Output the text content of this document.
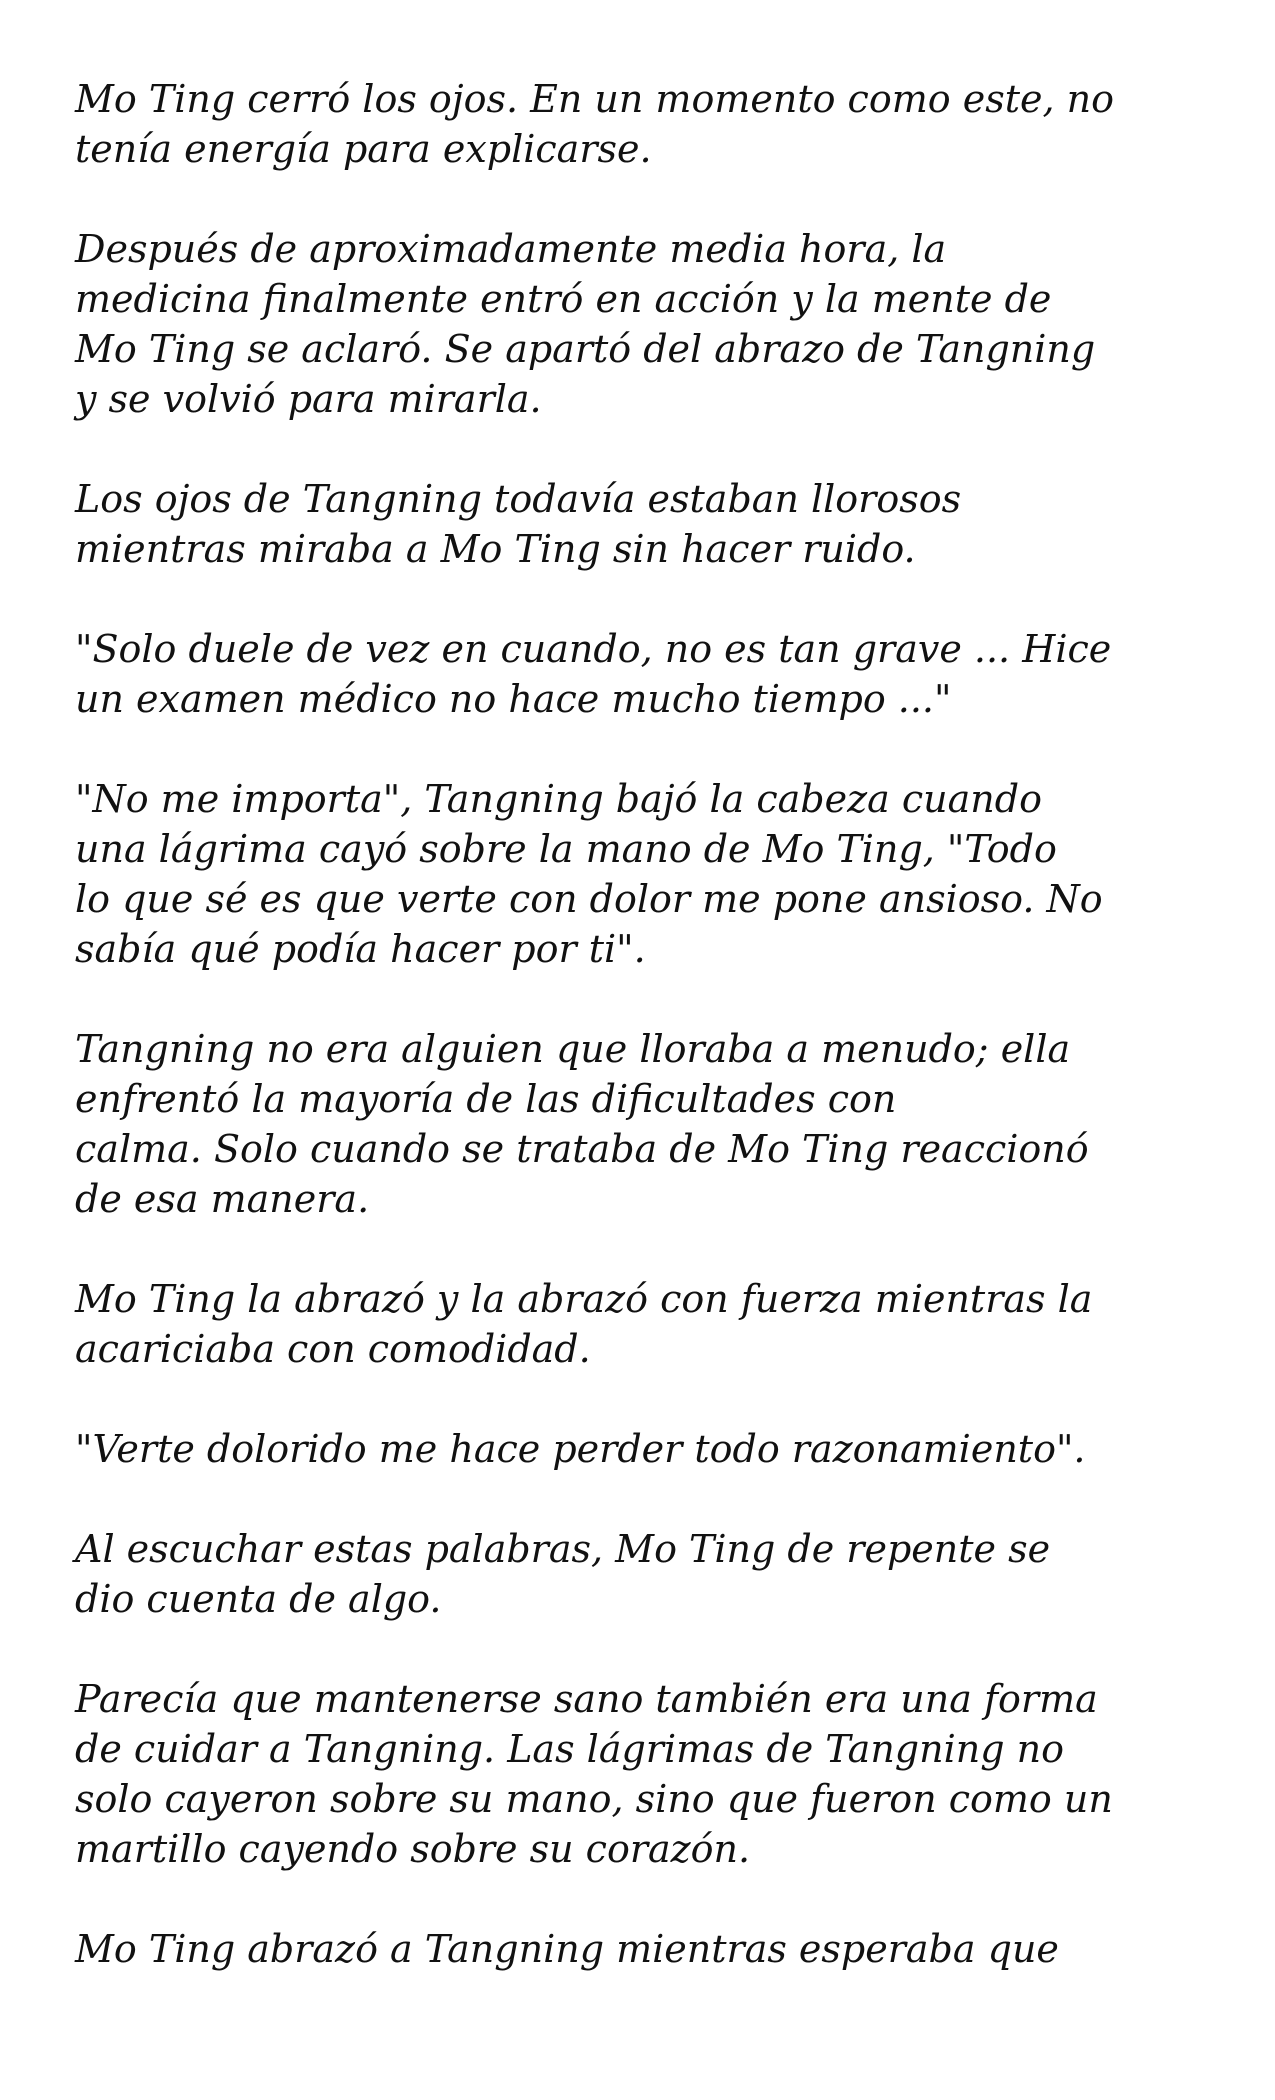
Mo Ting cerró los ojos. En un momento como este, no
tenía energía para explicarse.

Después de aproximadamente media hora, la
medicina finalmente entró en acción y la mente de
Mo Ting se aclaró. Se apartó del abrazo de Tangning
y se volvió para mirarla.

Los ojos de Tangning todavía estaban llorosos
mientras miraba a Mo Ting sin hacer ruido.

"Solo duele de vez en cuando, no es tan grave ... Hice
un examen médico no hace mucho tiempo ..."

"No me importa", Tangning bajó la cabeza cuando
una lágrima cayó sobre la mano de Mo Ting, "Todo
lo que sé es que verte con dolor me pone ansioso. No
sabía qué podía hacer por ti".

Tangning no era alguien que lloraba a menudo; ella
enfrentó la mayoría de las dificultades con
calma. Solo cuando se trataba de Mo Ting reaccionó
de esa manera.

Mo Ting la abrazó y la abrazó con fuerza mientras la
acariciaba con comodidad.

"Verte dolorido me hace perder todo razonamiento".

Al escuchar estas palabras, Mo Ting de repente se
dio cuenta de algo.

Parecía que mantenerse sano también era una forma
de cuidar a Tangning. Las lágrimas de Tangning no
solo cayeron sobre su mano, sino que fueron como un
martillo cayendo sobre su corazón.

Mo Ting abrazó a Tangning mientras esperaba que
